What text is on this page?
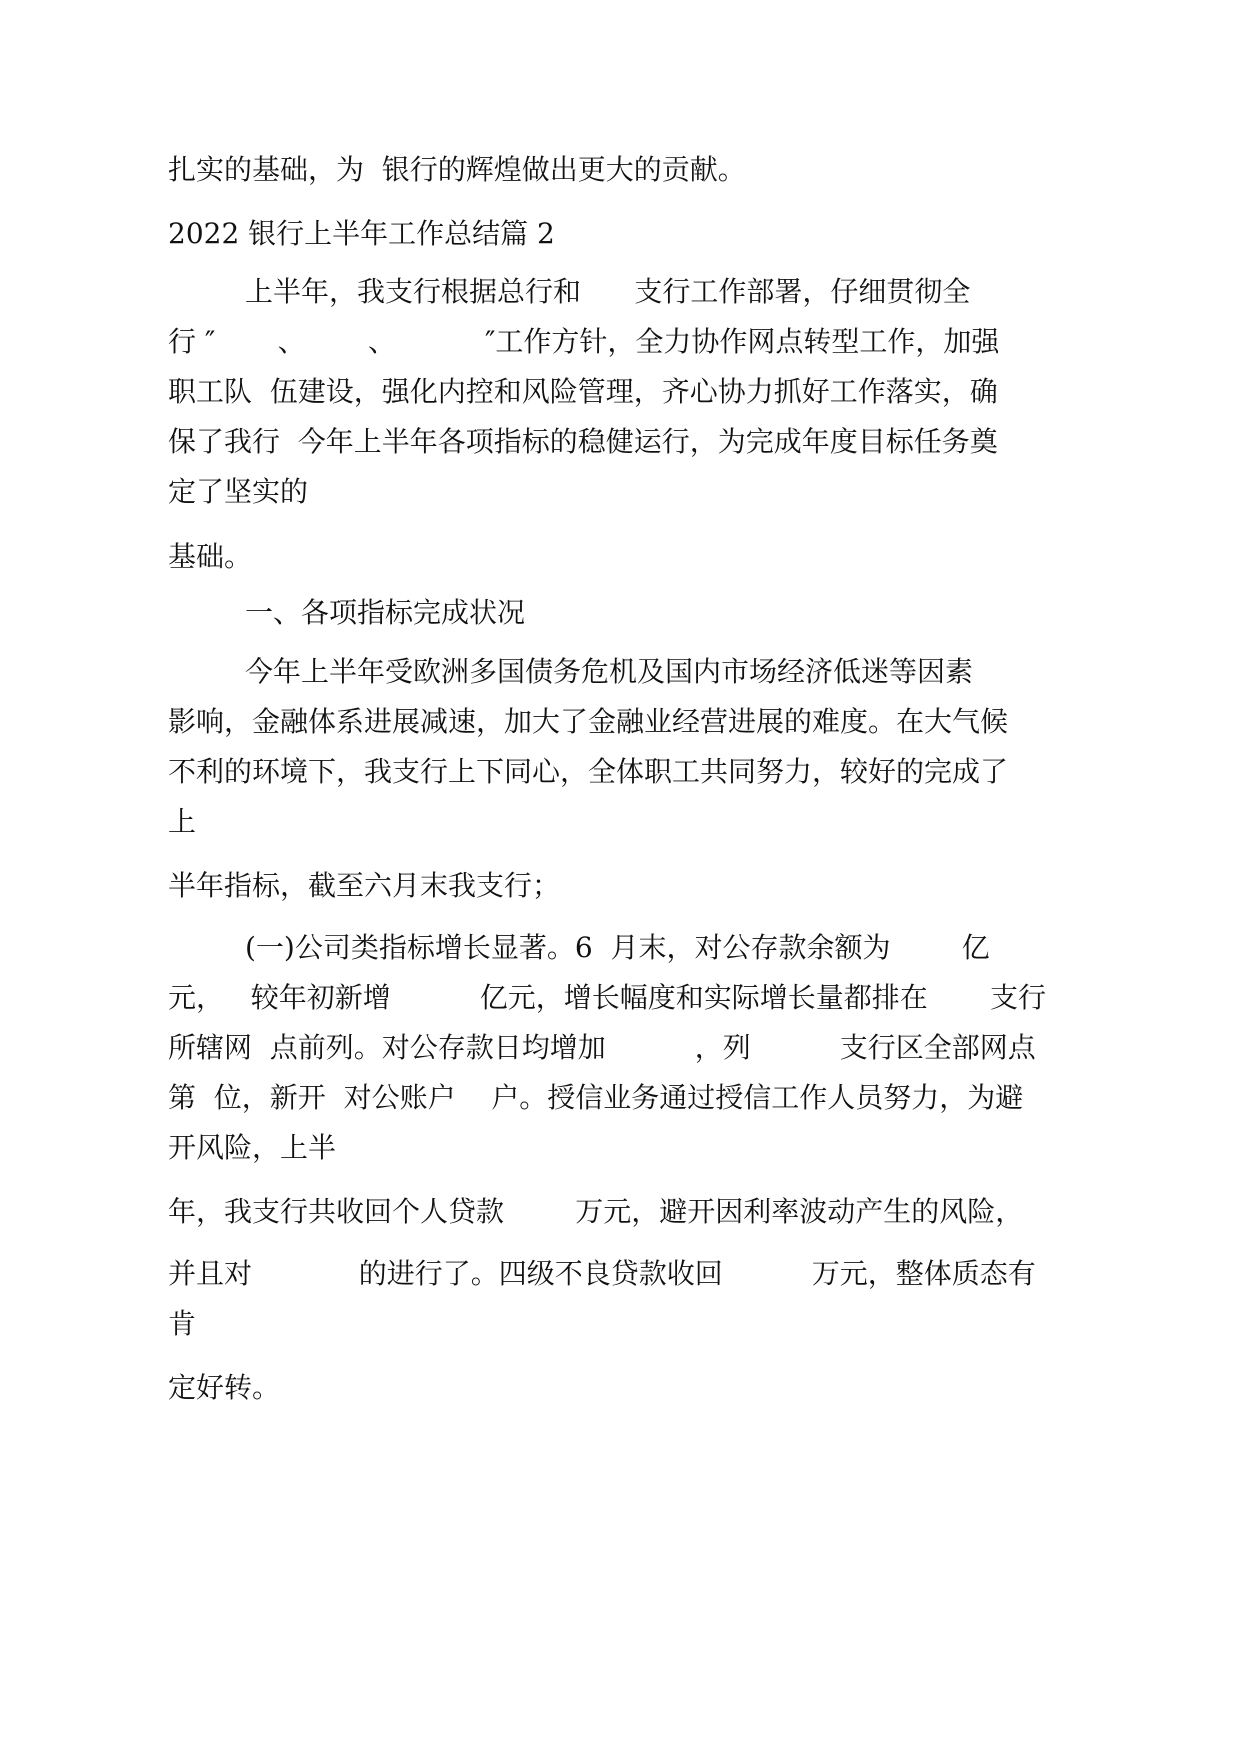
扎实的基础，为  银行的辉煌做出更大的贡献。
2022 银行上半年工作总结篇 2
上半年，我支行根据总行和      支行工作部署，仔细贯彻全
行 ″       、       、          ″工作方针，全力协作网点转型工作，加强
职工队  伍建设，强化内控和风险管理，齐心协力抓好工作落实，确
保了我行  今年上半年各项指标的稳健运行，为完成年度目标任务奠
定了坚实的
基础。
一、各项指标完成状况
今年上半年受欧洲多国债务危机及国内市场经济低迷等因素
影响，金融体系进展减速，加大了金融业经营进展的难度。在大气候
不利的环境下，我支行上下同心，全体职工共同努力，较好的完成了
上
半年指标，截至六月末我支行；
(一)公司类指标增长显著。6  月末，对公存款余额为        亿
元，   较年初新增          亿元，增长幅度和实际增长量都排在       支行
所辖网  点前列。对公存款日均增加          ，列          支行区全部网点
第  位，新开  对公账户    户。授信业务通过授信工作人员努力，为避
开风险，上半
年，我支行共收回个人贷款        万元，避开因利率波动产生的风险，
并且对            的进行了。四级不良贷款收回          万元，整体质态有
肯
定好转。
